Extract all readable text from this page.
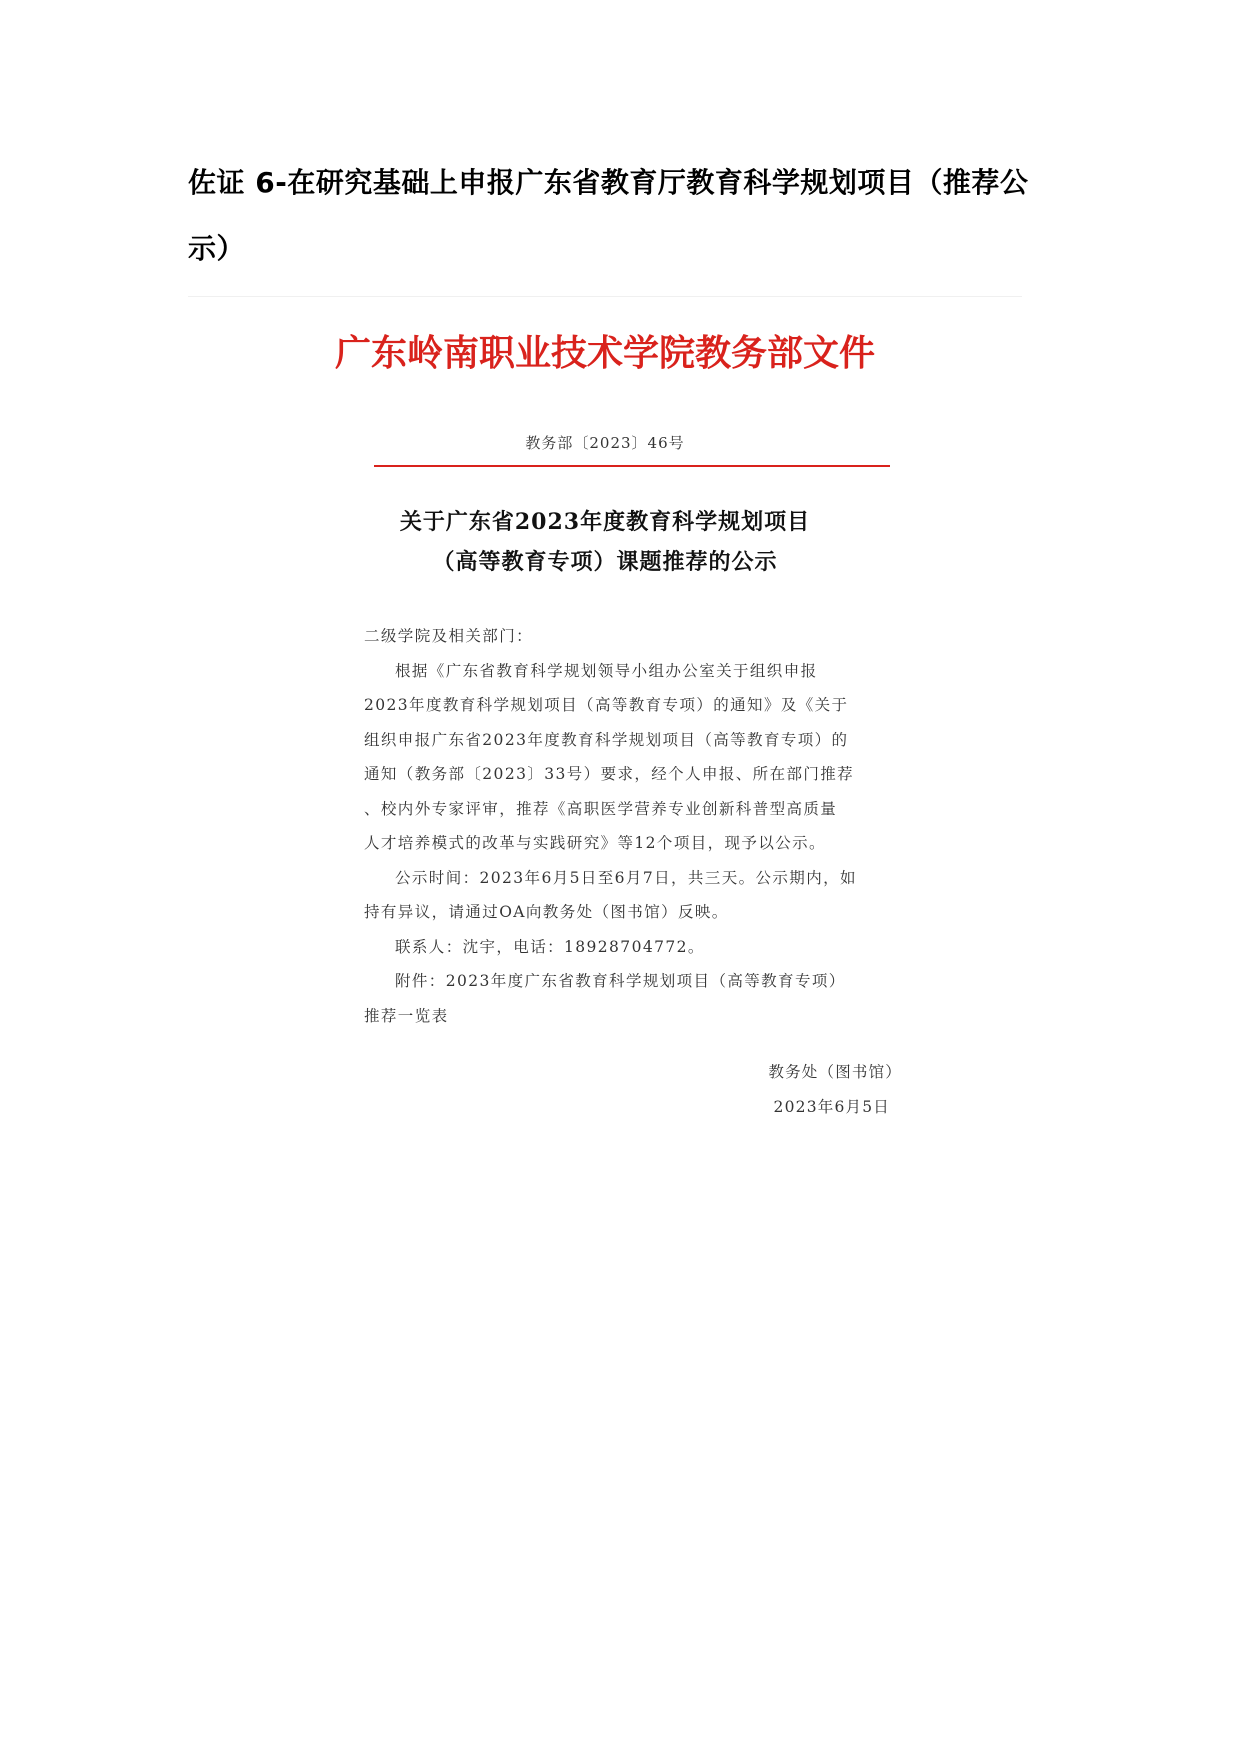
佐证 6-在研究基础上申报广东省教育厅教育科学规划项目（推荐公
示）
广东岭南职业技术学院教务部文件
教务部〔2023〕46号
关于广东省2023年度教育科学规划项目
（高等教育专项）课题推荐的公示

二级学院及相关部门：

根据《广东省教育科学规划领导小组办公室关于组织申报

2023年度教育科学规划项目（高等教育专项）的通知》及《关于

组织申报广东省2023年度教育科学规划项目（高等教育专项）的

通知（教务部〔2023〕33号）要求，经个人申报、所在部门推荐

、校内外专家评审，推荐《高职医学营养专业创新科普型高质量

人才培养模式的改革与实践研究》等12个项目，现予以公示。

公示时间：2023年6月5日至6月7日，共三天。公示期内，如

持有异议，请通过OA向教务处（图书馆）反映。

联系人：沈宇，电话：18928704772。

附件：2023年度广东省教育科学规划项目（高等教育专项）

推荐一览表

教务处（图书馆）
2023年6月5日
